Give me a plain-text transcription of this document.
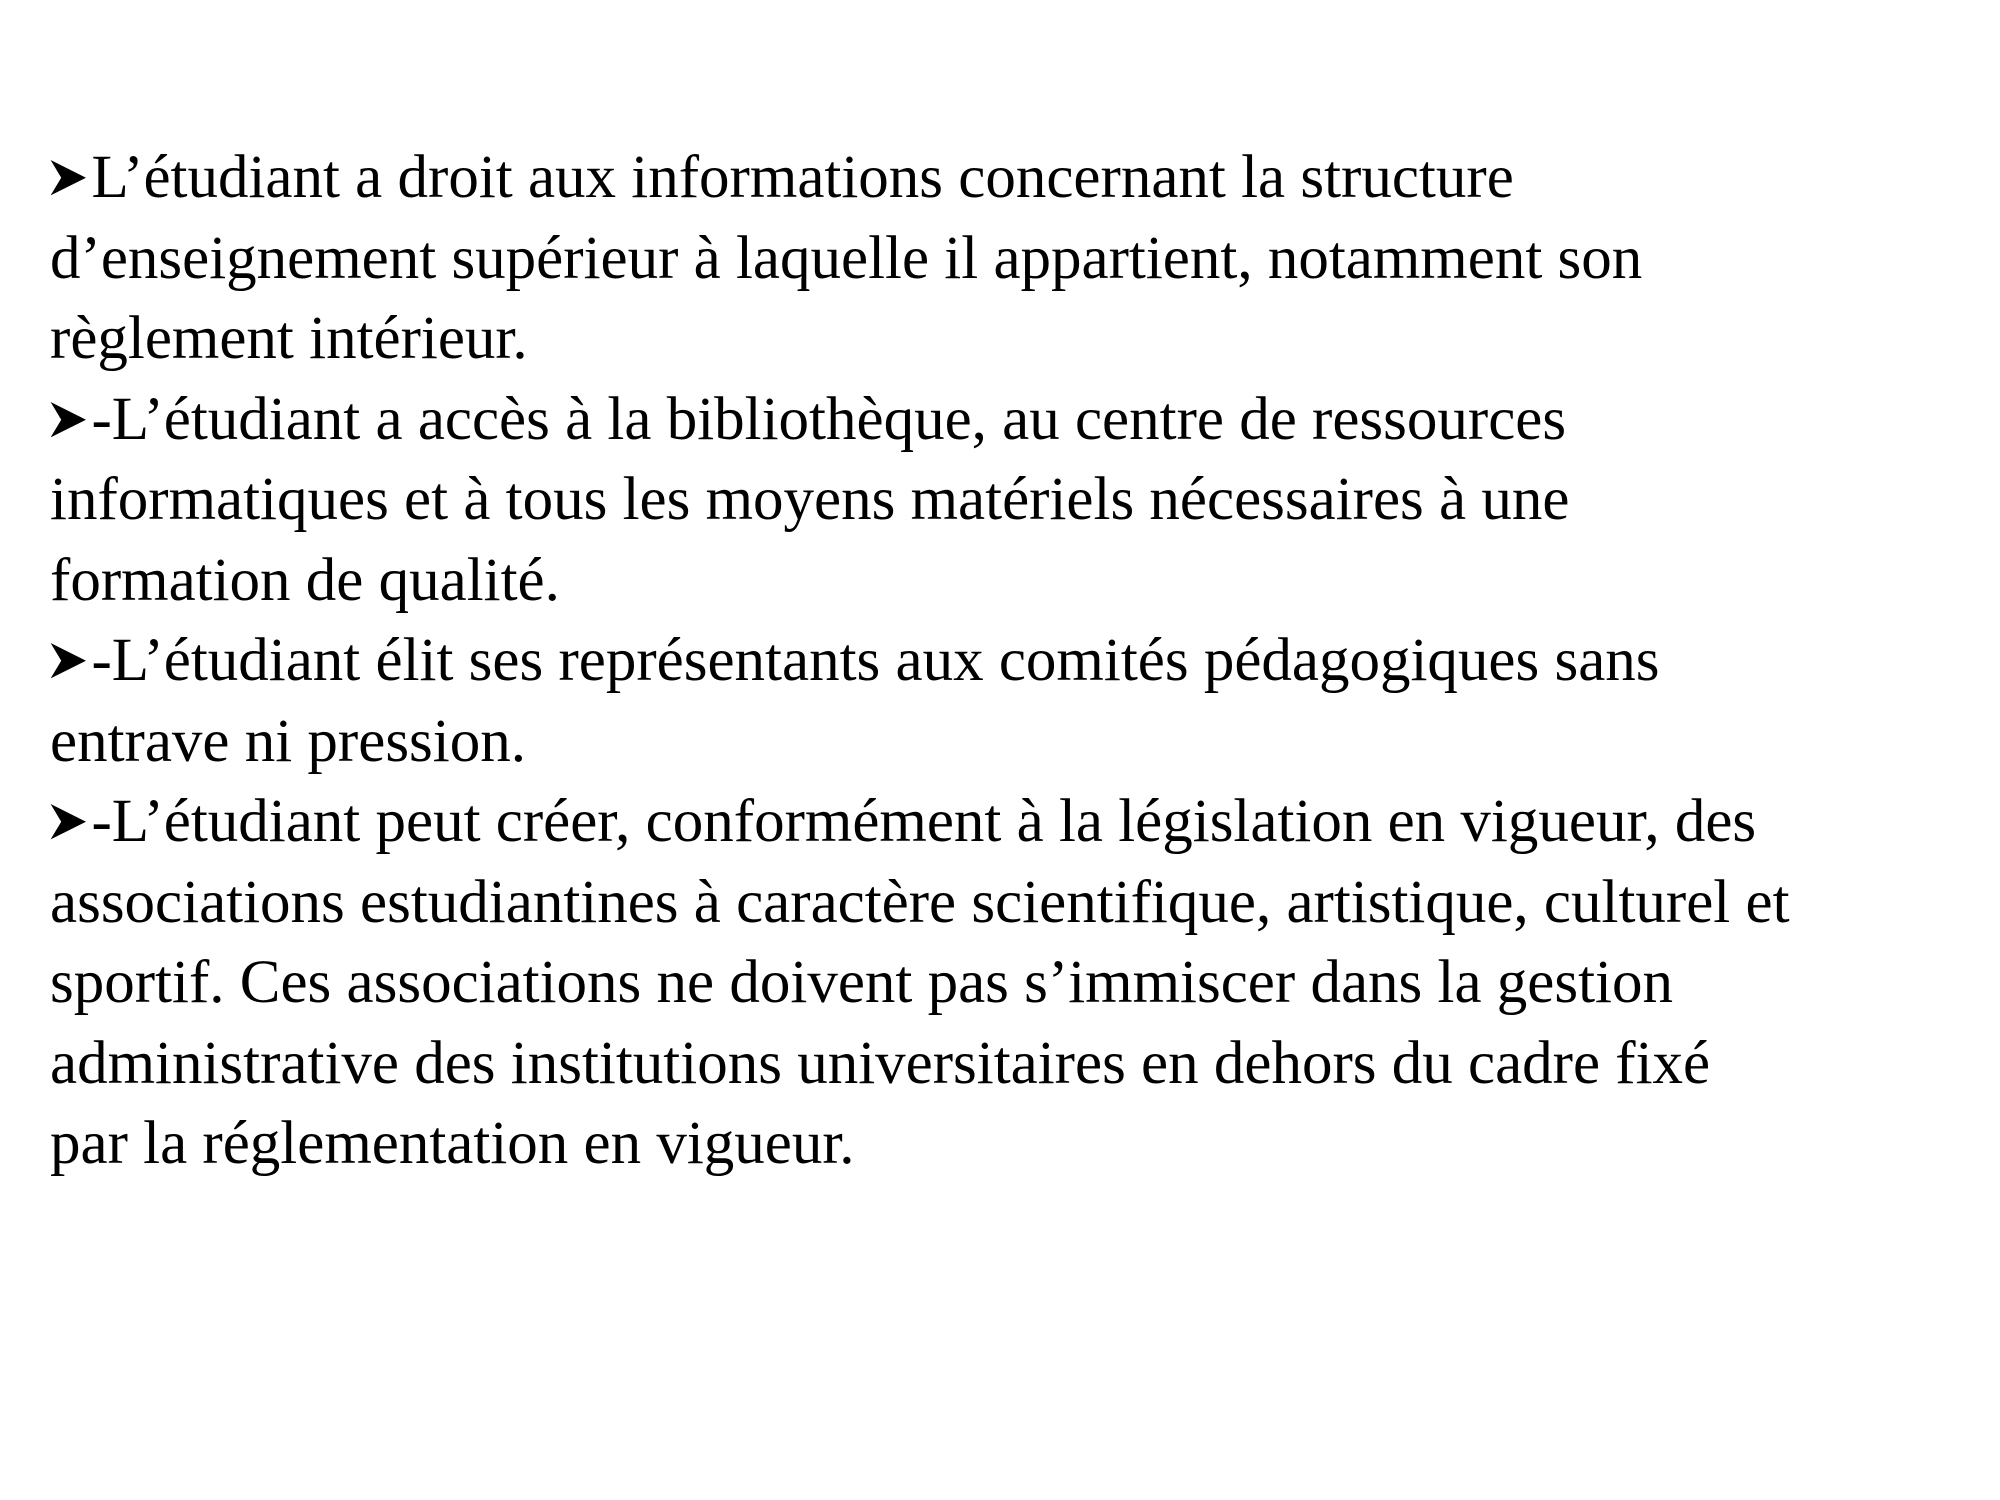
L’étudiant a droit aux informations concernant la structure
d’enseignement supérieur à laquelle il appartient, notamment son
règlement intérieur.

-L’étudiant a accès à la bibliothèque, au centre de ressources
informatiques et à tous les moyens matériels nécessaires à une
formation de qualité.

-L’étudiant élit ses représentants aux comités pédagogiques sans
entrave ni pression.

-L’étudiant peut créer, conformément à la législation en vigueur, des
associations estudiantines à caractère scientifique, artistique, culturel et
sportif. Ces associations ne doivent pas s’immiscer dans la gestion
administrative des institutions universitaires en dehors du cadre fixé
par la réglementation en vigueur.
